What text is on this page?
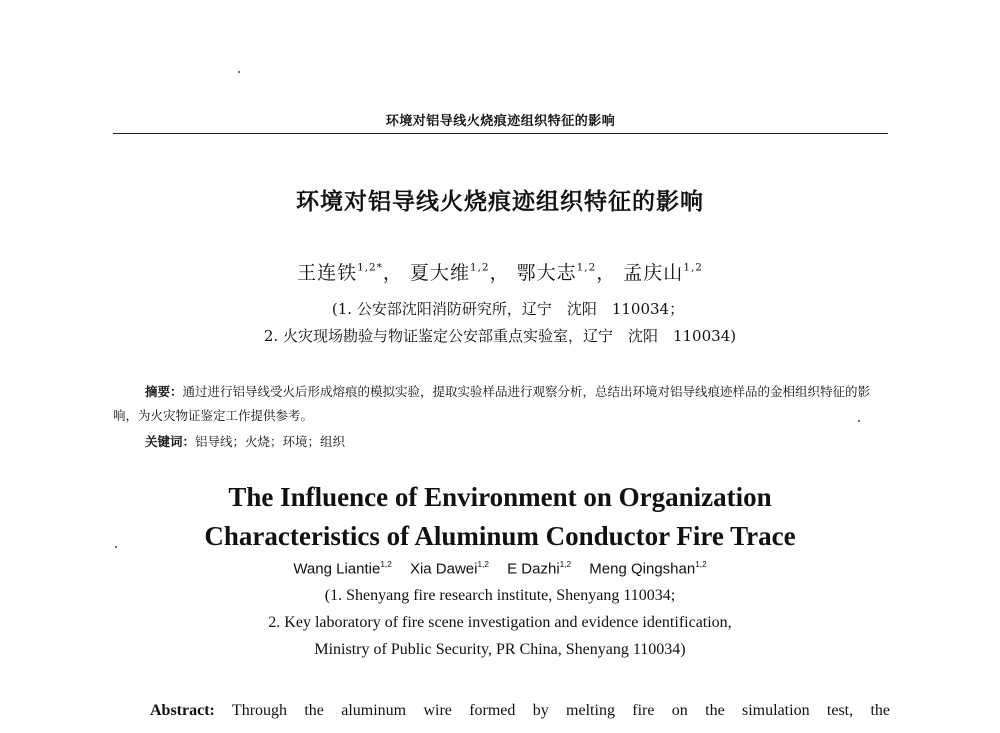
环境对铝导线火烧痕迹组织特征的影响
环境对铝导线火烧痕迹组织特征的影响
王连铁$^{1,2*}$， 夏大维$^{1,2}$， 鄂大志$^{1,2}$， 孟庆山$^{1,2}$
(1. 公安部沈阳消防研究所，辽宁　沈阳　110034；
2. 火灾现场勘验与物证鉴定公安部重点实验室，辽宁　沈阳　110034)
摘要：通过进行铝导线受火后形成熔痕的模拟实验，提取实验样品进行观察分析，总结出环境对铝导线痕迹样品的金相组织特征的影响，为火灾物证鉴定工作提供参考。
关键词：铝导线；火烧；环境；组织
The Influence of Environment on Organization
Characteristics of Aluminum Conductor Fire Trace
Wang Liantie$^{1,2}$ Xia Dawei$^{1,2}$ E Dazhi$^{1,2}$ Meng Qingshan$^{1,2}$
(1. Shenyang fire research institute, Shenyang 110034;
2. Key laboratory of fire scene investigation and evidence identification,
Ministry of Public Security, PR China, Shenyang 110034)
Abstract: Through the aluminum wire formed by melting fire on the simulation test, the
